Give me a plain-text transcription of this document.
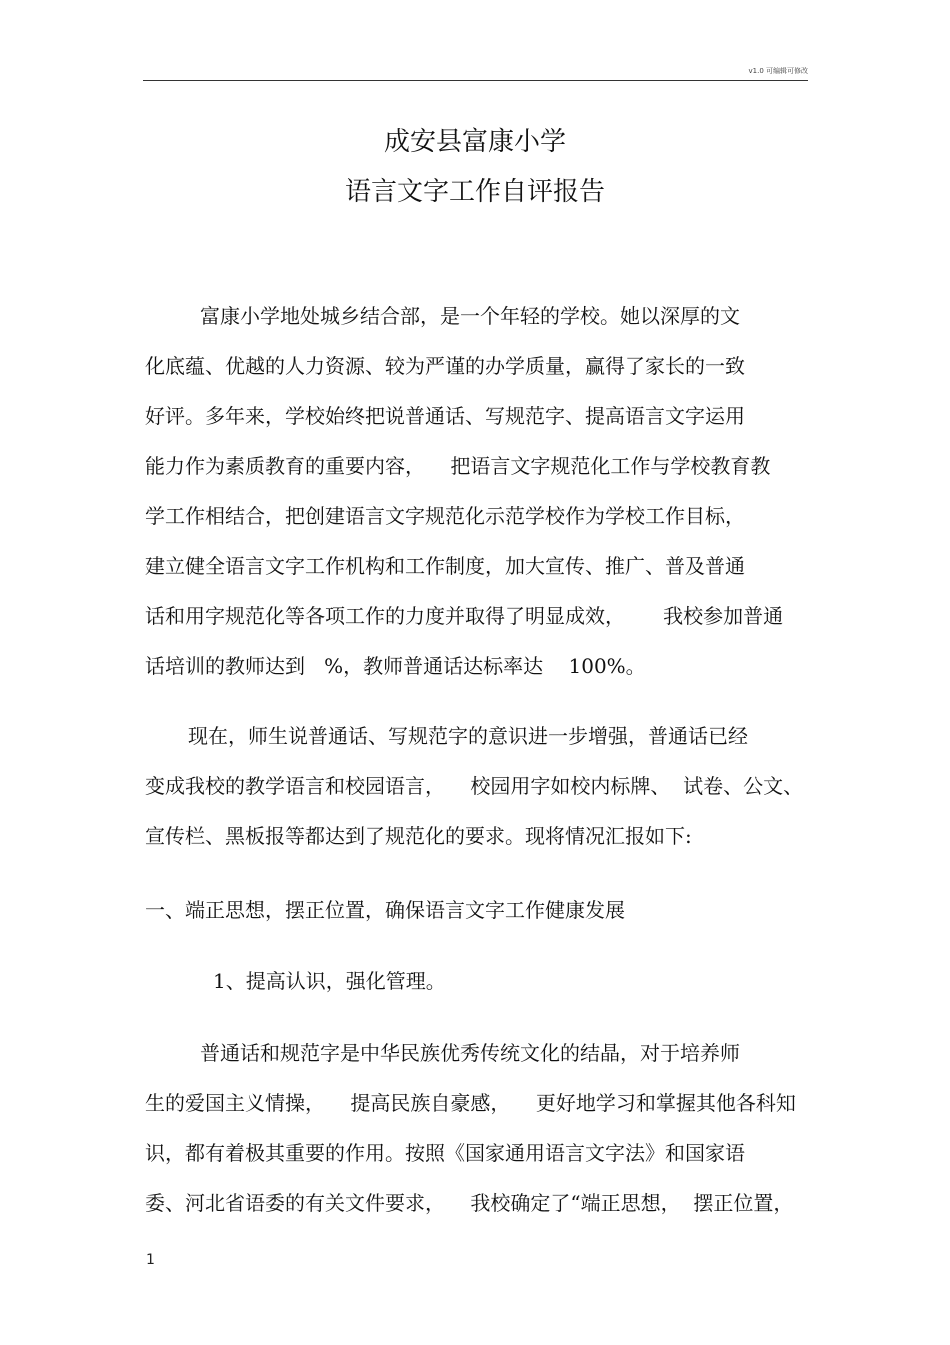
v1.0 可编辑可修改
成安县富康小学
语言文字工作自评报告
富康小学地处城乡结合部，是一个年轻的学校。她以深厚的文
化底蕴、优越的人力资源、较为严谨的办学质量，赢得了家长的一致
好评。多年来，学校始终把说普通话、写规范字、提高语言文字运用
能力作为素质教育的重要内容，    把语言文字规范化工作与学校教育教
学工作相结合，把创建语言文字规范化示范学校作为学校工作目标，
建立健全语言文字工作机构和工作制度，加大宣传、推广、普及普通
话和用字规范化等各项工作的力度并取得了明显成效，      我校参加普通
话培训的教师达到   %，教师普通话达标率达    100%。
现在，师生说普通话、写规范字的意识进一步增强，普通话已经
变成我校的教学语言和校园语言，    校园用字如校内标牌、  试卷、公文、
宣传栏、黑板报等都达到了规范化的要求。现将情况汇报如下:
一、端正思想，摆正位置，确保语言文字工作健康发展
1、提高认识，强化管理。
普通话和规范字是中华民族优秀传统文化的结晶，对于培养师
生的爱国主义情操，    提高民族自豪感，    更好地学习和掌握其他各科知
识，都有着极其重要的作用。按照《国家通用语言文字法》和国家语
委、河北省语委的有关文件要求，    我校确定了“端正思想，  摆正位置，
1
